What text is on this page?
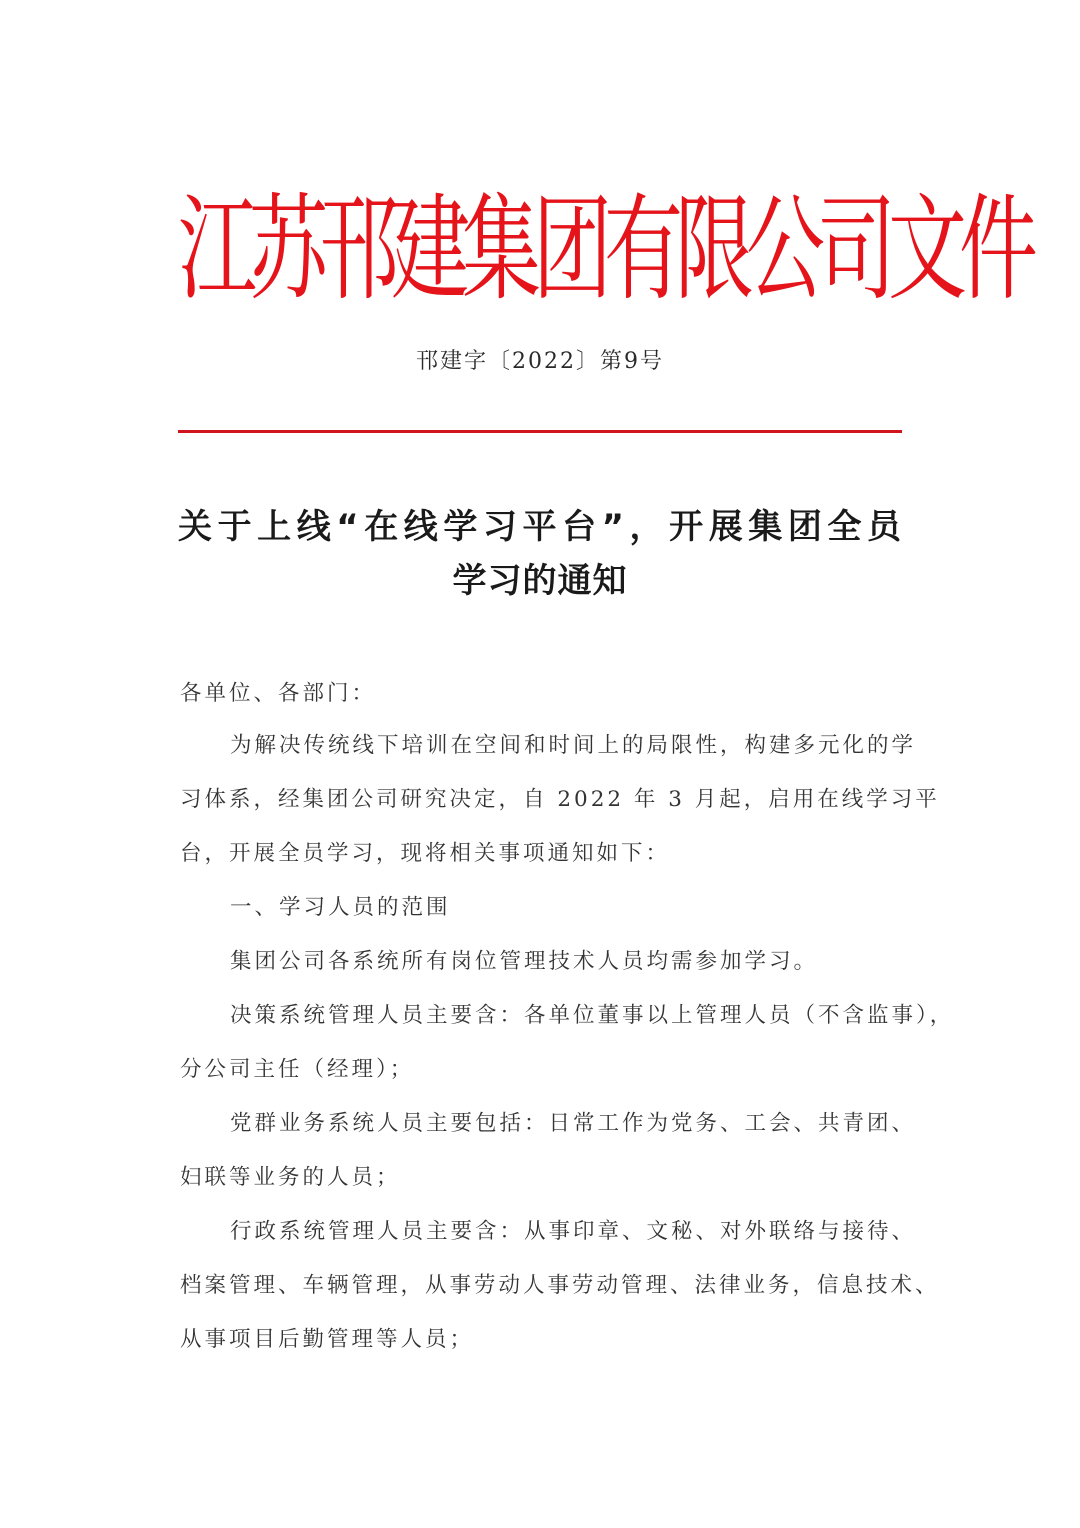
江苏邗建集团有限公司文件
邗建字〔2022〕第9号
关于上线“在线学习平台”，开展集团全员
学习的通知
各单位、各部门：
为解决传统线下培训在空间和时间上的局限性，构建多元化的学
习体系，经集团公司研究决定，自 2022 年 3 月起，启用在线学习平
台，开展全员学习，现将相关事项通知如下：
一、学习人员的范围
集团公司各系统所有岗位管理技术人员均需参加学习。
决策系统管理人员主要含：各单位董事以上管理人员（不含监事），
分公司主任（经理）；
党群业务系统人员主要包括：日常工作为党务、工会、共青团、
妇联等业务的人员；
行政系统管理人员主要含：从事印章、文秘、对外联络与接待、
档案管理、车辆管理，从事劳动人事劳动管理、法律业务，信息技术、
从事项目后勤管理等人员；
